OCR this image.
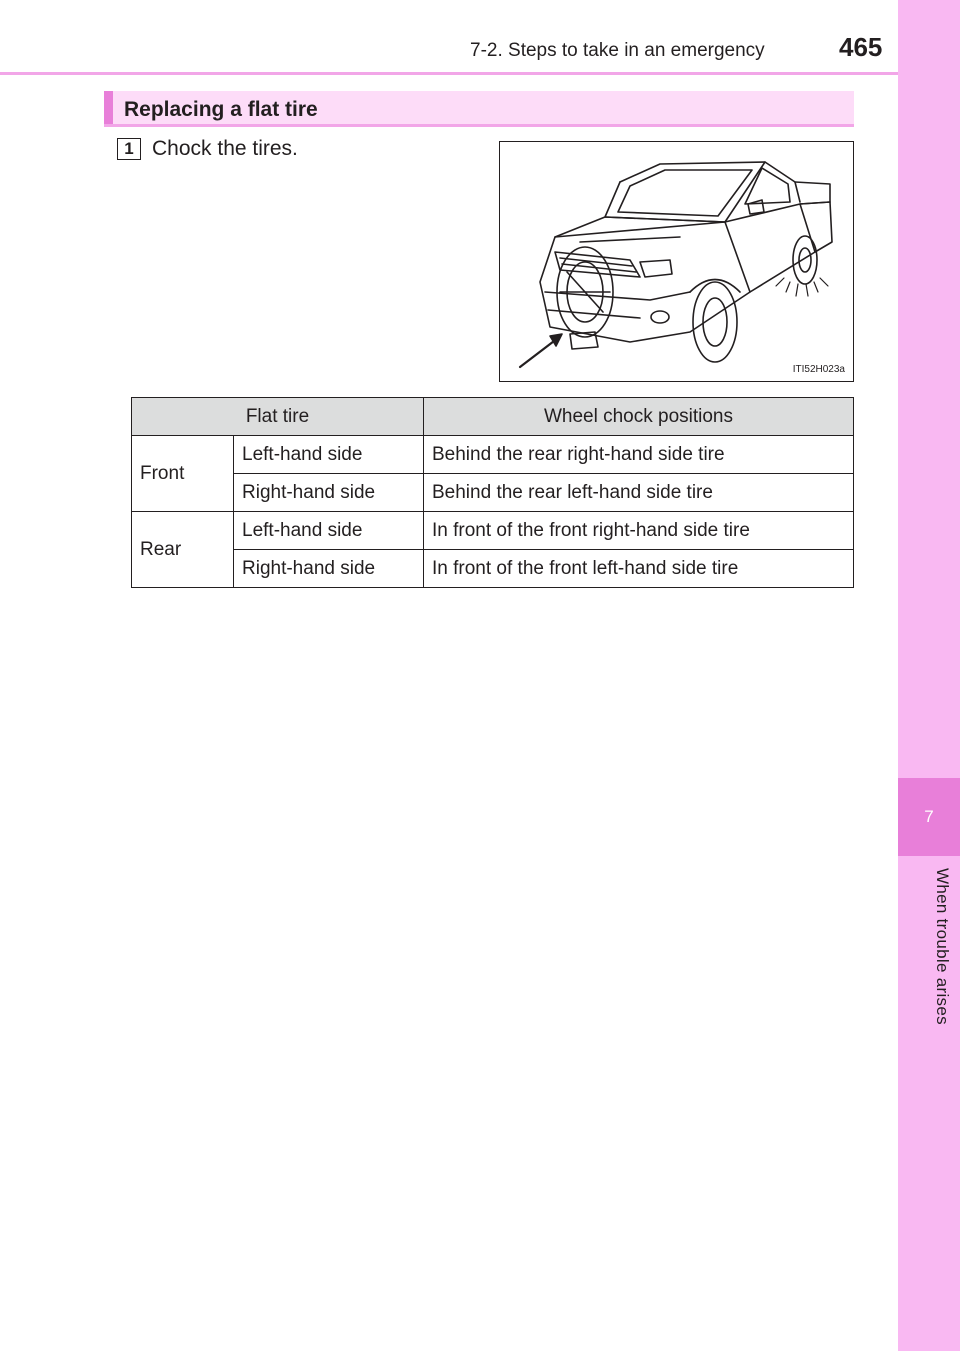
7
When trouble arises
7-2. Steps to take in an emergency	465
Replacing a flat tire
1 Chock the tires.
ITI52H023a
Flat tire		Wheel chock positions
Front	Left-hand side	Behind the rear right-hand side tire
	Right-hand side	Behind the rear left-hand side tire
Rear	Left-hand side	In front of the front right-hand side tire
	Right-hand side	In front of the front left-hand side tire
